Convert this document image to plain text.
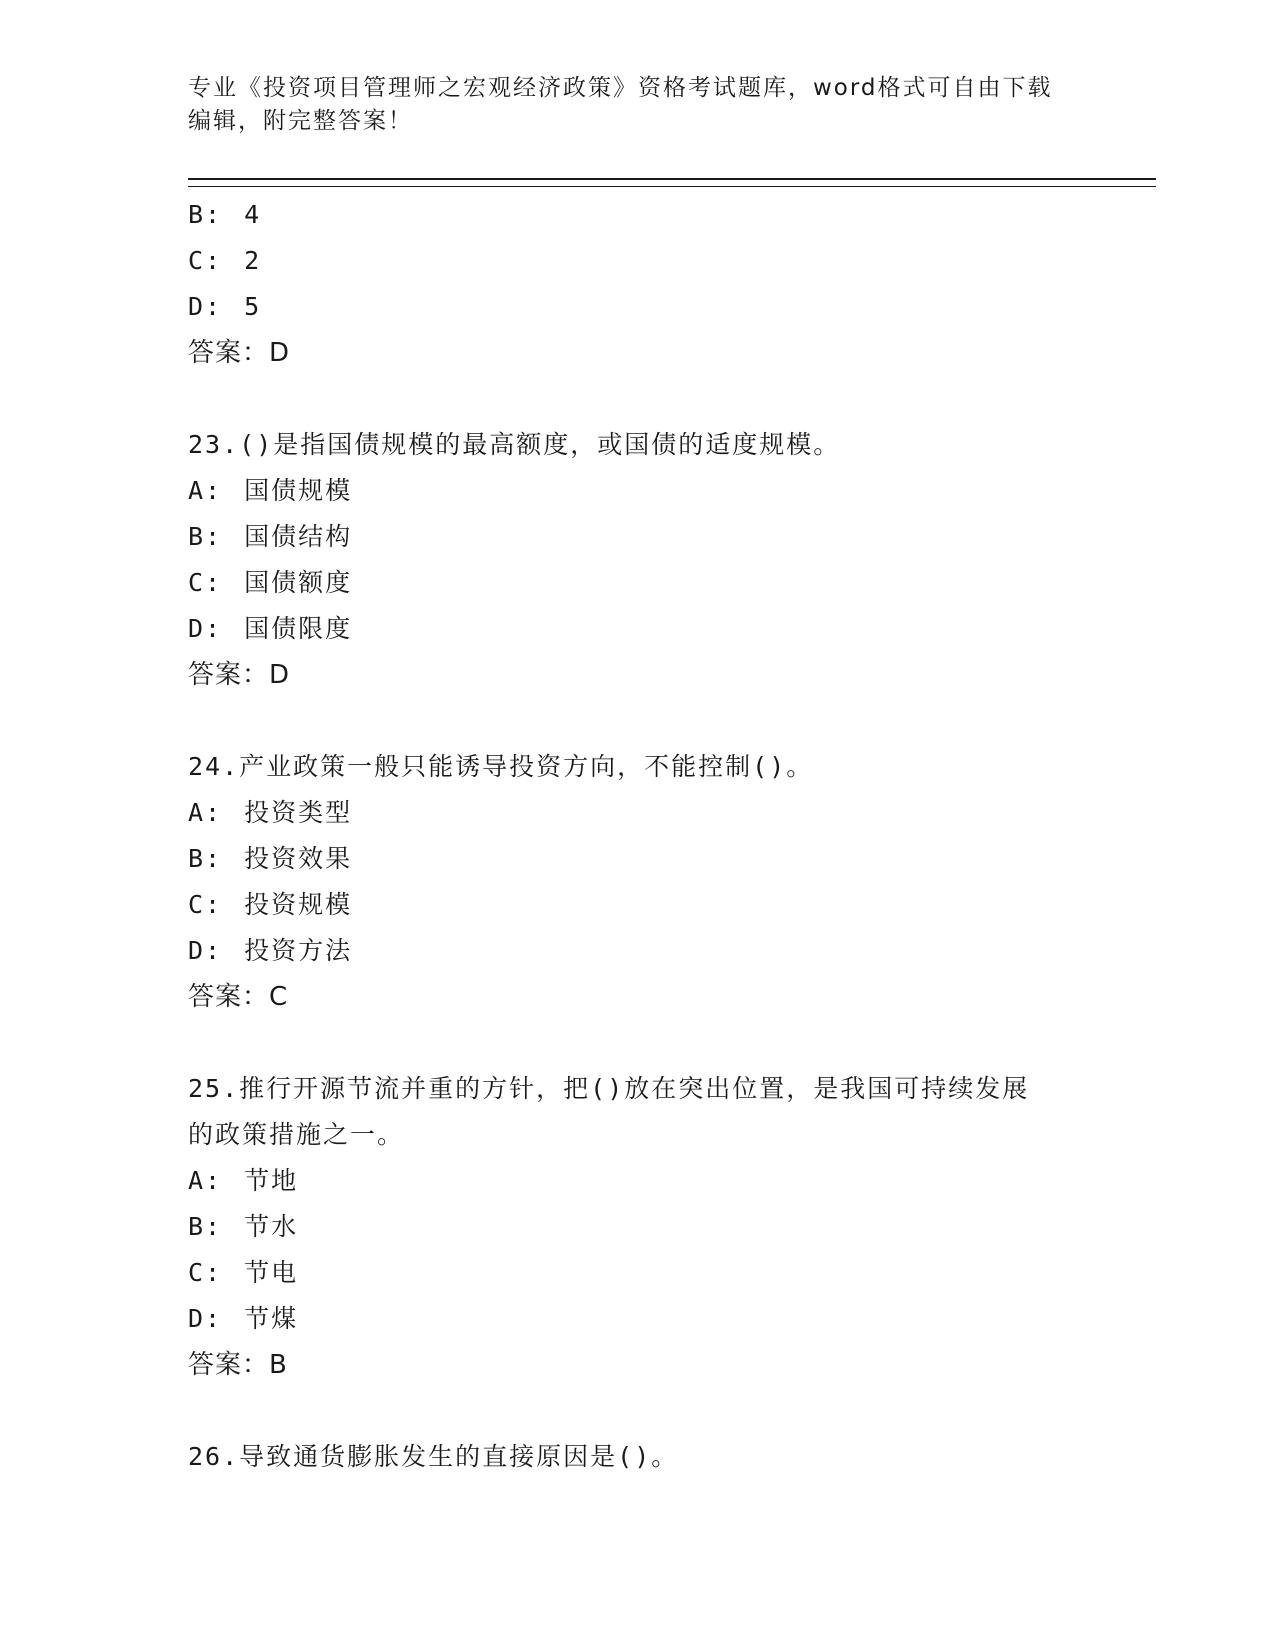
专业《投资项目管理师之宏观经济政策》资格考试题库，word格式可自由下载编辑，附完整答案！
B: 4
C: 2
D: 5
答案：D
23.()是指国债规模的最高额度，或国债的适度规模。
A: 国债规模
B: 国债结构
C: 国债额度
D: 国债限度
答案：D
24.产业政策一般只能诱导投资方向，不能控制()。
A: 投资类型
B: 投资效果
C: 投资规模
D: 投资方法
答案：C
25.推行开源节流并重的方针，把()放在突出位置，是我国可持续发展的政策措施之一。
A: 节地
B: 节水
C: 节电
D: 节煤
答案：B
26.导致通货膨胀发生的直接原因是()。
